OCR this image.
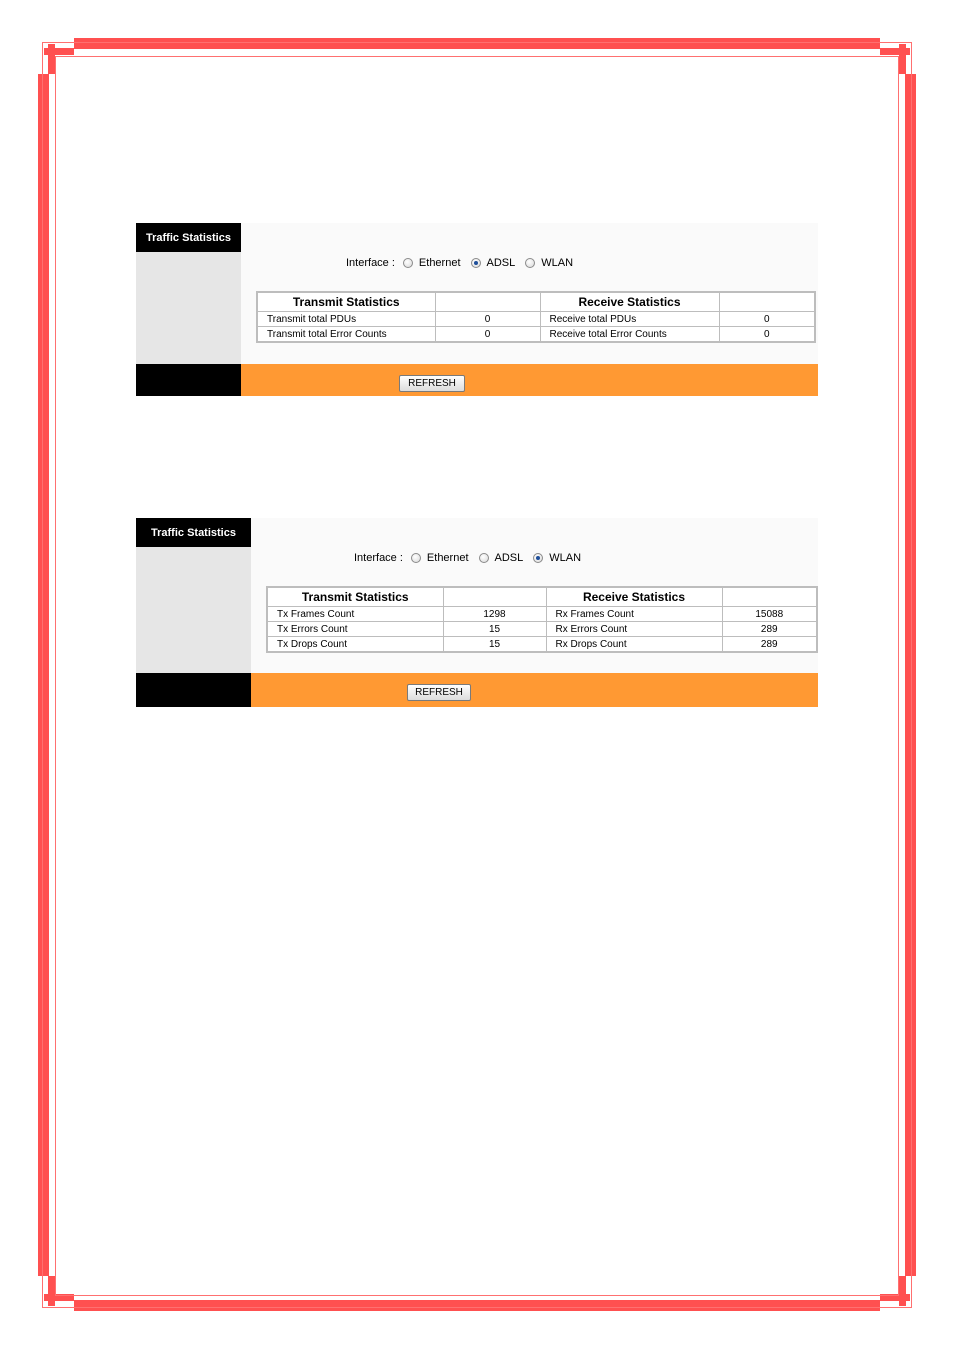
Traffic Statistics
Interface : Ethernet ADSL WLAN
Transmit Statistics		Receive Statistics	
Transmit total PDUs	0	Receive total PDUs	0
Transmit total Error Counts	0	Receive total Error Counts	0
REFRESH
Traffic Statistics
Interface : Ethernet ADSL WLAN
Transmit Statistics		Receive Statistics	
Tx Frames Count	1298	Rx Frames Count	15088
Tx Errors Count	15	Rx Errors Count	289
Tx Drops Count	15	Rx Drops Count	289
REFRESH
